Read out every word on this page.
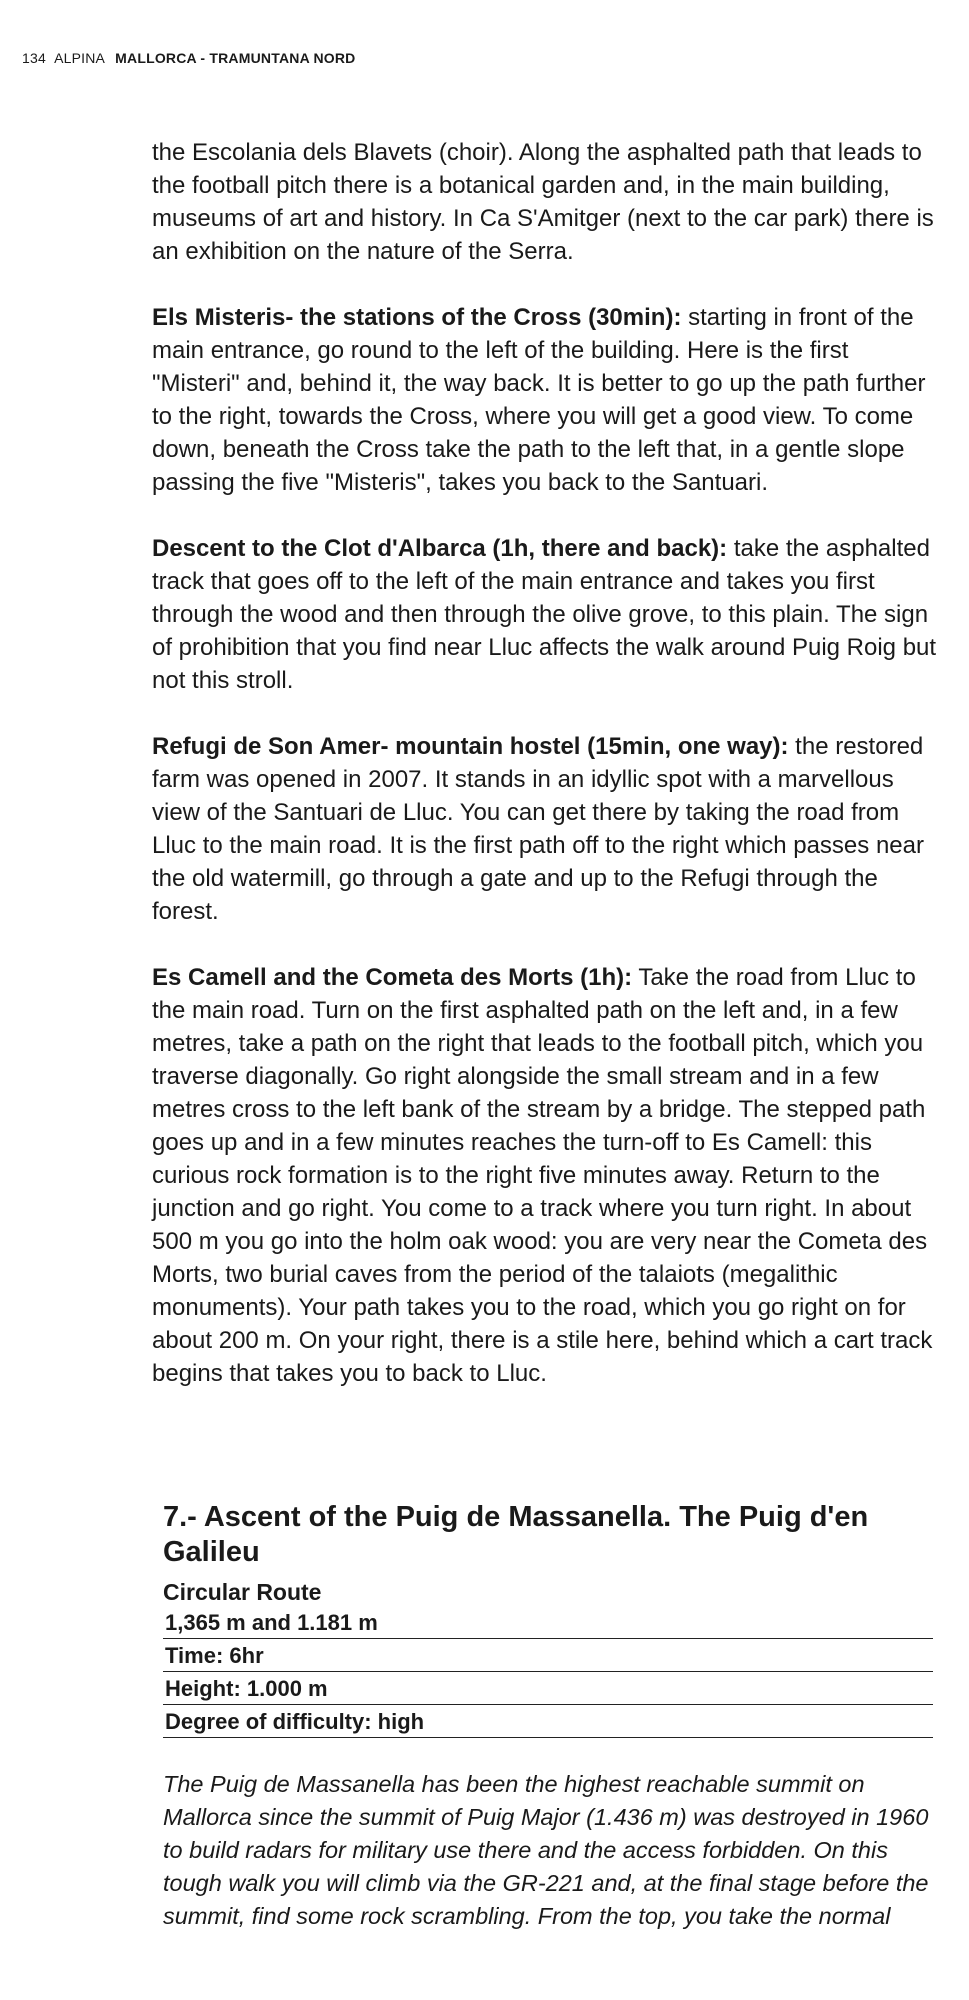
134 ALPINA MALLORCA - TRAMUNTANA NORD

the Escolania dels Blavets (choir). Along the asphalted path that leads to the football pitch there is a botanical garden and, in the main building, museums of art and history. In Ca S'Amitger (next to the car park) there is an exhibition on the nature of the Serra.

Els Misteris- the stations of the Cross (30min): starting in front of the main entrance, go round to the left of the building. Here is the first "Misteri" and, behind it, the way back. It is better to go up the path further to the right, towards the Cross, where you will get a good view. To come down, beneath the Cross take the path to the left that, in a gentle slope passing the five "Misteris", takes you back to the Santuari.

Descent to the Clot d'Albarca (1h, there and back): take the asphalted track that goes off to the left of the main entrance and takes you first through the wood and then through the olive grove, to this plain. The sign of prohibition that you find near Lluc affects the walk around Puig Roig but not this stroll.

Refugi de Son Amer- mountain hostel (15min, one way): the restored farm was opened in 2007. It stands in an idyllic spot with a marvellous view of the Santuari de Lluc. You can get there by taking the road from Lluc to the main road. It is the first path off to the right which passes near the old watermill, go through a gate and up to the Refugi through the forest.

Es Camell and the Cometa des Morts (1h): Take the road from Lluc to the main road. Turn on the first asphalted path on the left and, in a few metres, take a path on the right that leads to the football pitch, which you traverse diagonally. Go right alongside the small stream and in a few metres cross to the left bank of the stream by a bridge. The stepped path goes up and in a few minutes reaches the turn-off to Es Camell: this curious rock formation is to the right five minutes away. Return to the junction and go right. You come to a track where you turn right. In about 500 m you go into the holm oak wood: you are very near the Cometa des Morts, two burial caves from the period of the talaiots (megalithic monuments). Your path takes you to the road, which you go right on for about 200 m. On your right, there is a stile here, behind which a cart track begins that takes you to back to Lluc.

7.- Ascent of the Puig de Massanella. The Puig d'en Galileu
Circular Route
1,365 m and 1.181 m
Time: 6hr
Height: 1.000 m
Degree of difficulty: high
The Puig de Massanella has been the highest reachable summit on Mallorca since the summit of Puig Major (1.436 m) was destroyed in 1960 to build radars for military use there and the access forbidden. On this tough walk you will climb via the GR-221 and, at the final stage before the summit, find some rock scrambling. From the top, you take the normal
